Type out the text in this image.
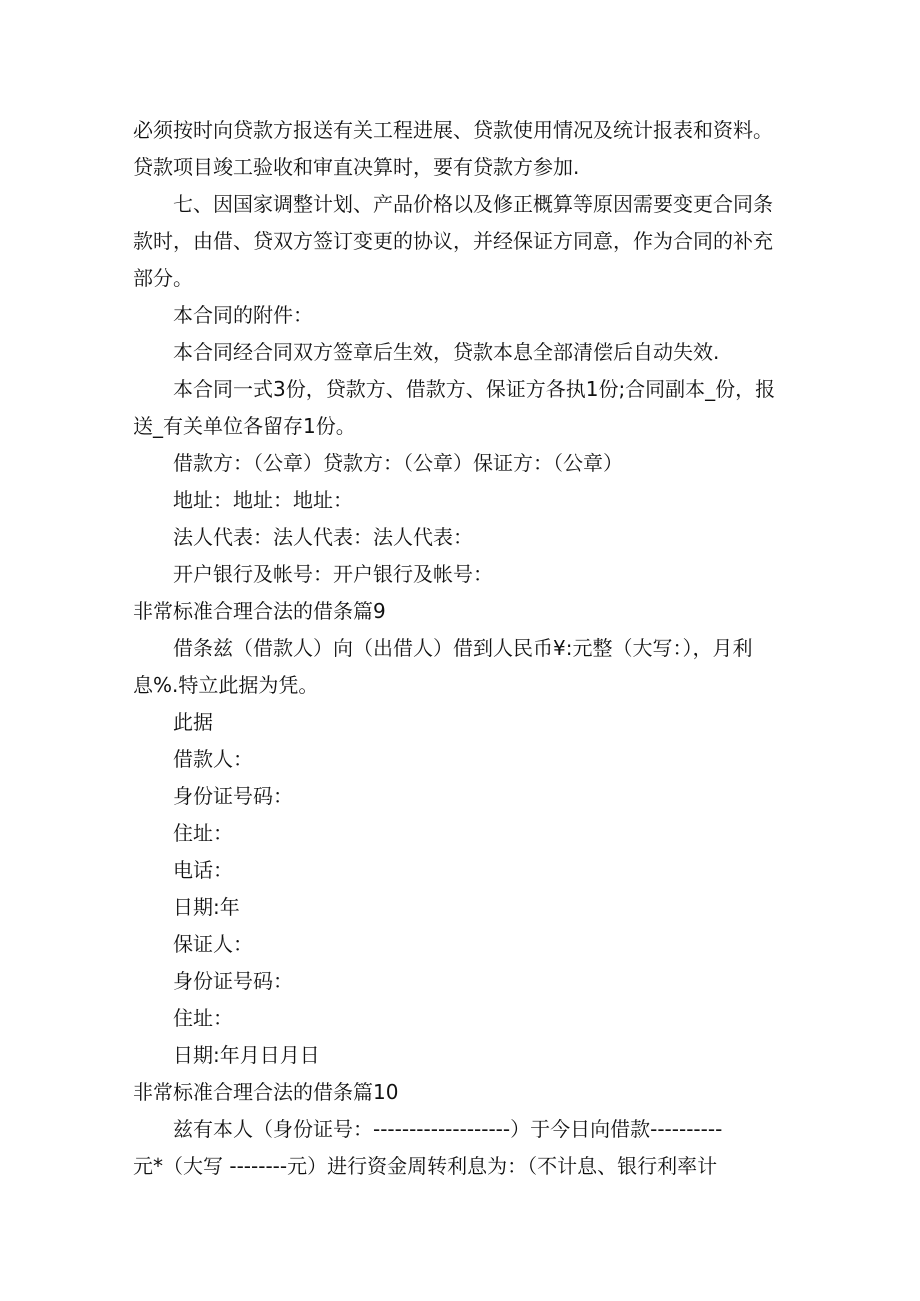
必须按时向贷款方报送有关工程进展、贷款使用情况及统计报表和资料。
贷款项目竣工验收和审直决算时，要有贷款方参加.
七、因国家调整计划、产品价格以及修正概算等原因需要变更合同条
款时，由借、贷双方签订变更的协议，并经保证方同意，作为合同的补充
部分。
本合同的附件：
本合同经合同双方签章后生效，贷款本息全部清偿后自动失效.
本合同一式3份，贷款方、借款方、保证方各执1份;合同副本_份，报
送_有关单位各留存1份。
借款方：（公章）贷款方：（公章）保证方：（公章）
地址：地址：地址：
法人代表：法人代表：法人代表：
开户银行及帐号：开户银行及帐号：
非常标准合理合法的借条篇9
借条兹（借款人）向（出借人）借到人民币¥:元整（大写：），月利
息%.特立此据为凭。
此据
借款人：
身份证号码：
住址：
电话：
日期:年
保证人：
身份证号码：
住址：
日期:年月日月日
非常标准合理合法的借条篇10
兹有本人（身份证号：-------------------）于今日向借款----------
元*（大写 --------元）进行资金周转利息为：（不计息、银行利率计
